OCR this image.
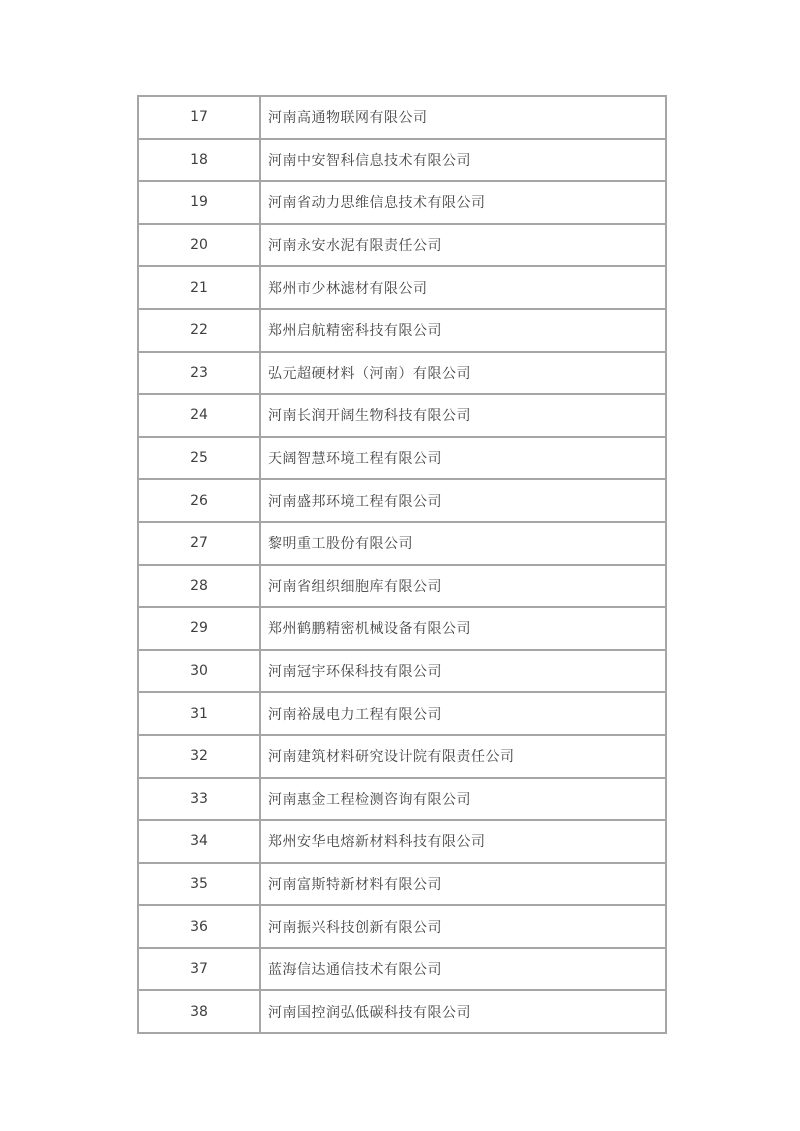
17	河南高通物联网有限公司
18	河南中安智科信息技术有限公司
19	河南省动力思维信息技术有限公司
20	河南永安水泥有限责任公司
21	郑州市少林滤材有限公司
22	郑州启航精密科技有限公司
23	弘元超硬材料（河南）有限公司
24	河南长润开阔生物科技有限公司
25	天阔智慧环境工程有限公司
26	河南盛邦环境工程有限公司
27	黎明重工股份有限公司
28	河南省组织细胞库有限公司
29	郑州鹤鹏精密机械设备有限公司
30	河南冠宇环保科技有限公司
31	河南裕晟电力工程有限公司
32	河南建筑材料研究设计院有限责任公司
33	河南惠金工程检测咨询有限公司
34	郑州安华电熔新材料科技有限公司
35	河南富斯特新材料有限公司
36	河南振兴科技创新有限公司
37	蓝海信达通信技术有限公司
38	河南国控润弘低碳科技有限公司
